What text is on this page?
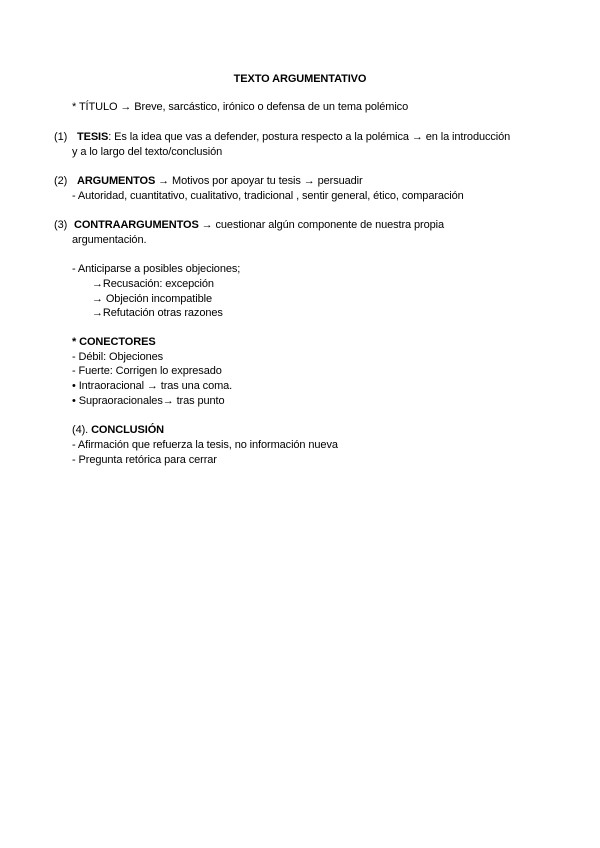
TEXTO ARGUMENTATIVO
* TÍTULO → Breve, sarcástico, irónico o defensa de un tema polémico
(1) TESIS: Es la idea que vas a defender, postura respecto a la polémica → en la introducción
y a lo largo del texto/conclusión
(2) ARGUMENTOS → Motivos por apoyar tu tesis → persuadir
- Autoridad, cuantitativo, cualitativo, tradicional , sentir general, ético, comparación
(3) CONTRAARGUMENTOS → cuestionar algún componente de nuestra propia
argumentación.
- Anticiparse a posibles objeciones;
→Recusación: excepción
→ Objeción incompatible
→Refutación otras razones
* CONECTORES
- Débil: Objeciones
- Fuerte: Corrigen lo expresado
• Intraoracional → tras una coma.
• Supraoracionales→ tras punto
(4). CONCLUSIÓN
- Afirmación que refuerza la tesis, no información nueva
- Pregunta retórica para cerrar
